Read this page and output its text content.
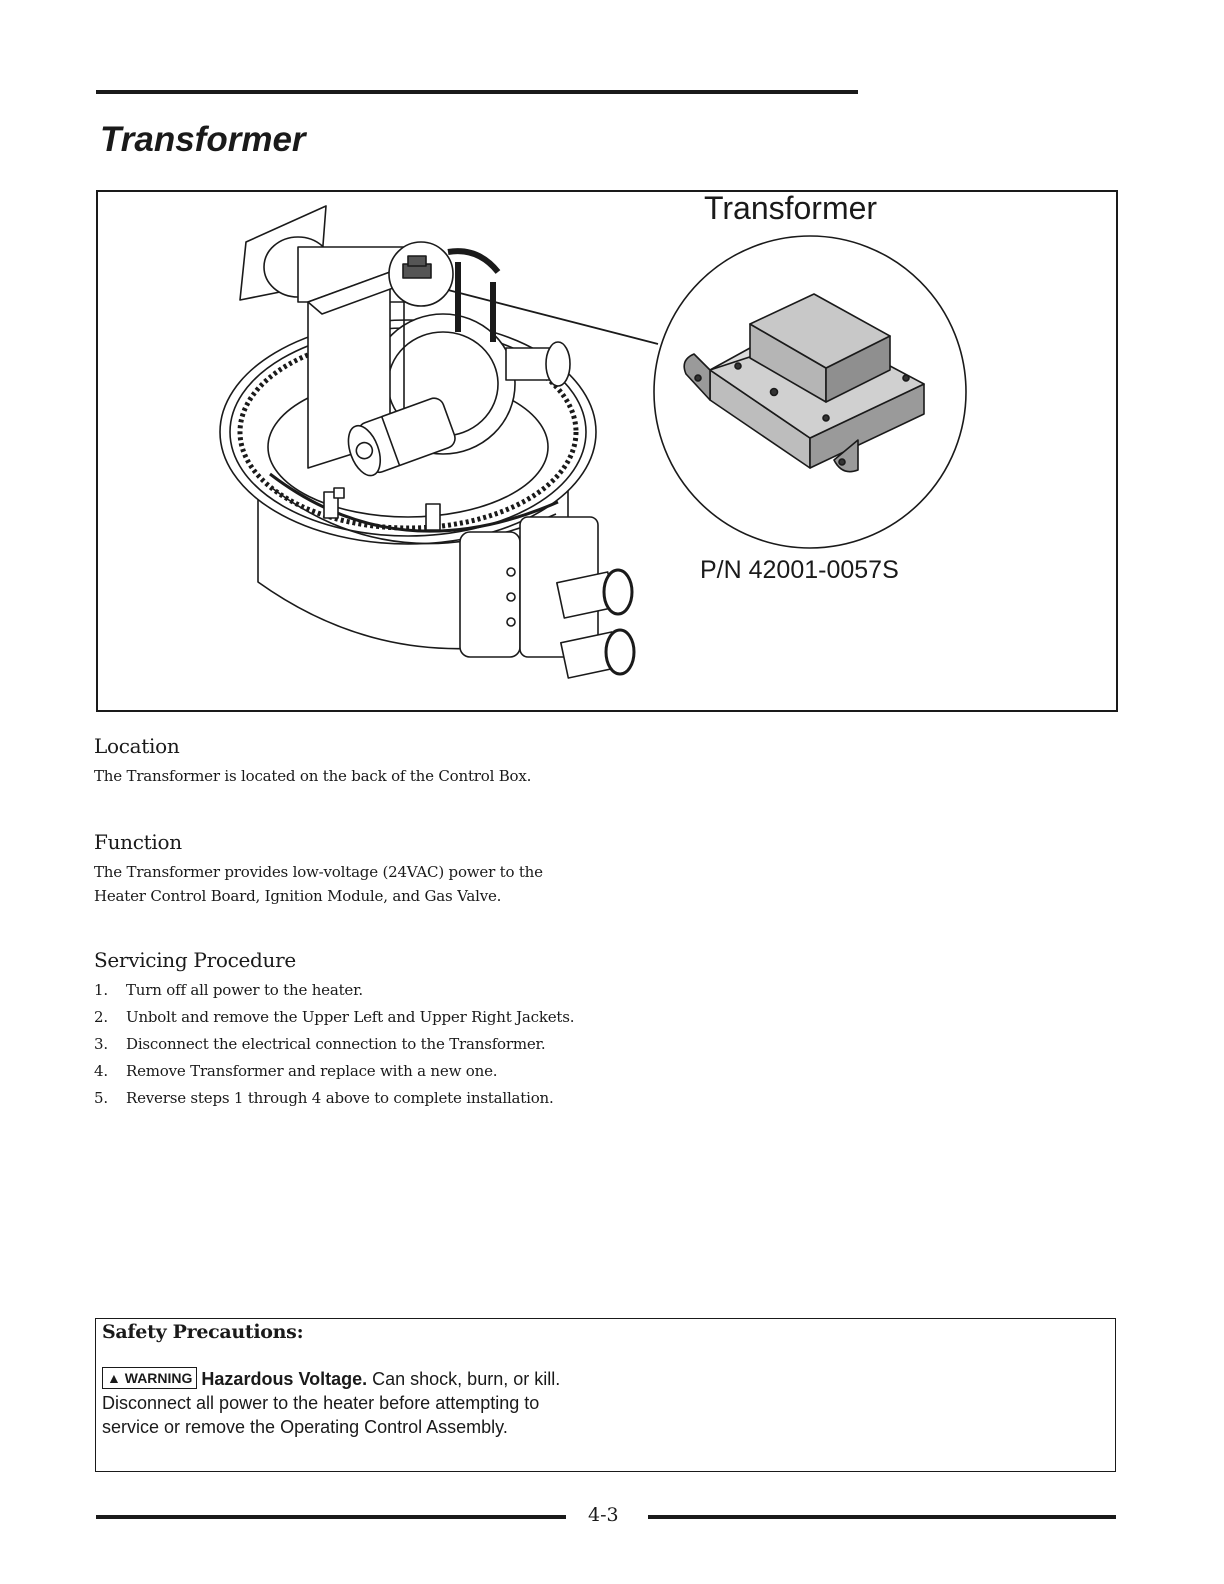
Transformer
Transformer
P/N 42001-0057S
Location

The Transformer is located on the back of the Control Box.

Function

The Transformer provides low-voltage (24VAC) power to the Heater Control Board, Ignition Module, and Gas Valve.

Servicing Procedure
1. Turn off all power to the heater.
2. Unbolt and remove the Upper Left and Upper Right Jackets.
3. Disconnect the electrical connection to the Transformer.
4. Remove Transformer and replace with a new one.
5. Reverse steps 1 through 4 above to complete installation.
Safety Precautions:

▲ WARNING Hazardous Voltage. Can shock, burn, or kill. Disconnect all power to the heater before attempting to service or remove the Operating Control Assembly.

4-3
